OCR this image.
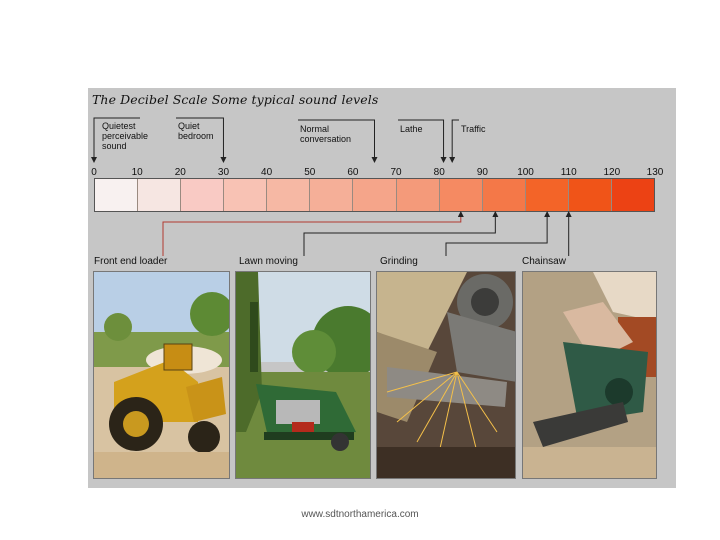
The Decibel Scale Some typical sound levels
Quietest
perceivable
sound
Quiet
bedroom
Normal
conversation
Lathe	Traffic
0	10	20	30	40	50	60	70	80	90	100	110	120	130
Front end loader	Lawn moving	Grinding	Chainsaw
www.sdtnorthamerica.com
